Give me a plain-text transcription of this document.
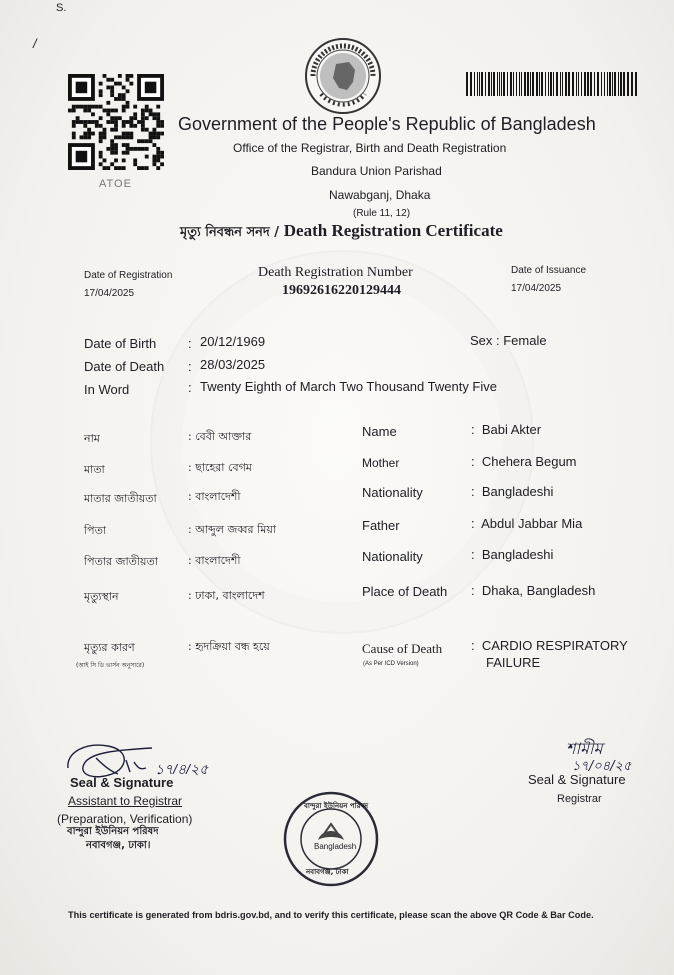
S.
/
ATOE
Government of the People's Republic of Bangladesh
Office of the Registrar, Birth and Death Registration
Bandura Union Parishad
Nawabganj, Dhaka
(Rule 11, 12)
মৃত্যু নিবন্ধন সনদ / Death Registration Certificate
Date of Registration
17/04/2025
Death Registration Number
19692616220129444
Date of Issuance
17/04/2025
Date of Birth : 20/12/1969	Sex : Female
Date of Death : 28/03/2025
In Word	: Twenty Eighth of March Two Thousand Twenty Five
নাম	: বেবী আক্তার
মাতা	: ছাহেরা বেগম
মাতার জাতীয়তা	: বাংলাদেশী
পিতা	: আব্দুল জব্বর মিয়া
পিতার জাতীয়তা	: বাংলাদেশী
মৃত্যুস্থান	: ঢাকা, বাংলাদেশ
মৃত্যুর কারণ
(আই সি ডি ভার্সন অনুসারে)
: হৃদক্রিয়া বন্ধ হয়ে
Name	:  Babi Akter
Mother	:  Chehera Begum
Nationality	:  Bangladeshi
Father	:  Abdul Jabbar Mia
Nationality	:  Bangladeshi
Place of Death :  Dhaka, Bangladesh
Cause of Death
(As Per ICD Version)
:  CARDIO RESPIRATORY
FAILURE
Seal & Signature
১৭/৪/২৫
Assistant to Registrar
(Preparation, Verification)
বান্দুরা ইউনিয়ন পরিষদ
নবাবগঞ্জ, ঢাকা।
বান্দুরা ইউনিয়ন পরিষদ
Bangladesh
নবাবগঞ্জ, ঢাকা
শামীম
১৭/০৪/২৫
Seal & Signature
Registrar
This certificate is generated from bdris.gov.bd, and to verify this certificate, please scan the above QR Code & Bar Code.
